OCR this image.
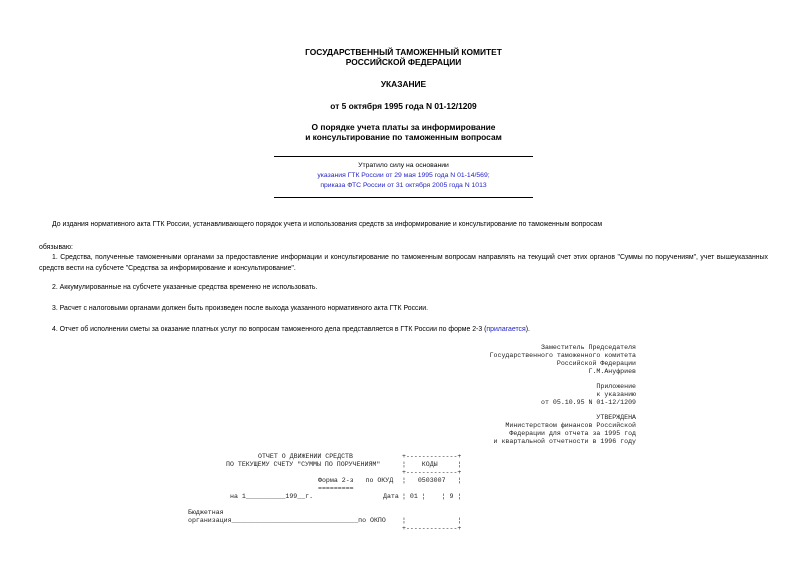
ГОСУДАРСТВЕННЫЙ ТАМОЖЕННЫЙ КОМИТЕТ
РОССИЙСКОЙ ФЕДЕРАЦИИ
УКАЗАНИЕ
от 5 октября 1995 года N 01-12/1209
О порядке учета платы за информирование
и консультирование по таможенным вопросам
Утратило силу на основании
указания ГТК России от 29 мая 1995 года N 01-14/569;
приказа ФТС России от 31 октября 2005 года N 1013
До издания нормативного акта ГТК России, устанавливающего порядок учета и использования средств за информирование и консультирование по таможенным вопросам
обязываю:
1. Средства, полученные таможенными органами за предоставление информации и консультирование по таможенным вопросам направлять на текущий счет этих органов "Суммы по поручениям", учет вышеуказанных средств вести на субсчете "Средства за информирование и консультирование".
2. Аккумулированные на субсчете указанные средства временно не использовать.
3. Расчет с налоговыми органами должен быть произведен после выхода указанного нормативного акта ГТК России.
4. Отчет об исполнении сметы за оказание платных услуг по вопросам таможенного дела представляется в ГТК России по форме 2-3 (прилагается).
Заместитель Председателя
Государственного таможенного комитета
Российской Федерации
Г.М.Ануфриев
Приложение
к указанию
от 05.10.95 N 01-12/1209
УТВЕРЖДЕНА
Министерством финансов Российской
Федерации для отчета за 1995 год
и квартальной отчетности в 1996 году
ОТЧЕТ О ДВИЖЕНИИ СРЕДСТВ
ПО ТЕКУЩЕМУ СЧЕТУ "СУММЫ ПО ПОРУЧЕНИЯМ"
+-------------+
¦    КОДЫ     ¦
+-------------+
Форма 2-з   по ОКУД ¦   0503007   ¦
=========
на 1__________199__г.	Дата ¦ 01 ¦    ¦ 9 ¦
Бюджетная
организация________________________________по ОКПО ¦             ¦
+-------------+
